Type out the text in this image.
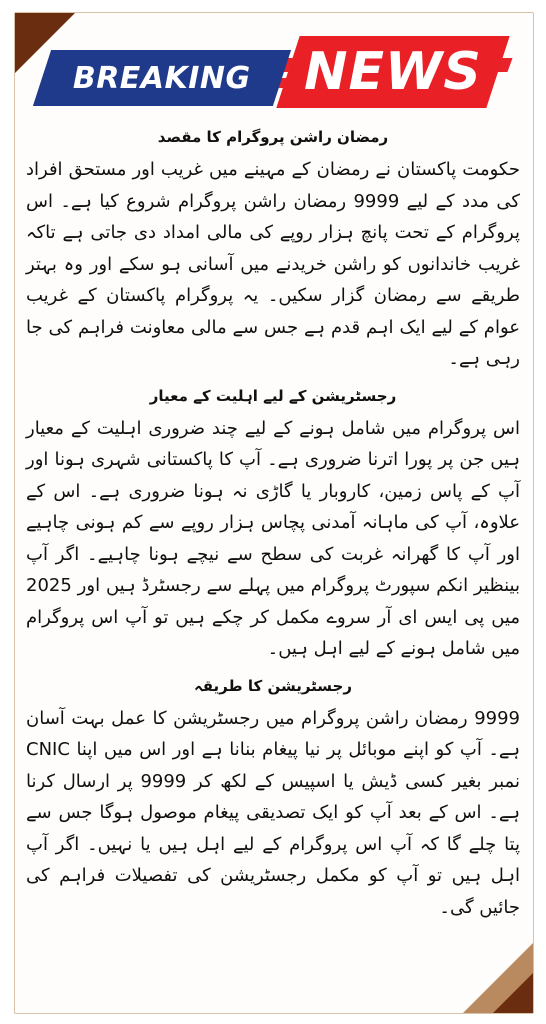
BREAKING NEWS
رمضان راشن پروگرام کا مقصد

حکومت پاکستان نے رمضان کے مہینے میں غریب اور مستحق افراد کی مدد کے لیے 9999 رمضان راشن پروگرام شروع کیا ہے۔ اس پروگرام کے تحت پانچ ہزار روپے کی مالی امداد دی جاتی ہے تاکہ غریب خاندانوں کو راشن خریدنے میں آسانی ہو سکے اور وہ بہتر طریقے سے رمضان گزار سکیں۔ یہ پروگرام پاکستان کے غریب عوام کے لیے ایک اہم قدم ہے جس سے مالی معاونت فراہم کی جا رہی ہے۔

رجسٹریشن کے لیے اہلیت کے معیار

اس پروگرام میں شامل ہونے کے لیے چند ضروری اہلیت کے معیار ہیں جن پر پورا اترنا ضروری ہے۔ آپ کا پاکستانی شہری ہونا اور آپ کے پاس زمین، کاروبار یا گاڑی نہ ہونا ضروری ہے۔ اس کے علاوہ، آپ کی ماہانہ آمدنی پچاس ہزار روپے سے کم ہونی چاہیے اور آپ کا گھرانہ غربت کی سطح سے نیچے ہونا چاہیے۔ اگر آپ بینظیر انکم سپورٹ پروگرام میں پہلے سے رجسٹرڈ ہیں اور 2025 میں پی ایس ای آر سروے مکمل کر چکے ہیں تو آپ اس پروگرام میں شامل ہونے کے لیے اہل ہیں۔

رجسٹریشن کا طریقہ

9999 رمضان راشن پروگرام میں رجسٹریشن کا عمل بہت آسان ہے۔ آپ کو اپنے موبائل پر نیا پیغام بنانا ہے اور اس میں اپنا CNIC نمبر بغیر کسی ڈیش یا اسپیس کے لکھ کر 9999 پر ارسال کرنا ہے۔ اس کے بعد آپ کو ایک تصدیقی پیغام موصول ہوگا جس سے پتا چلے گا کہ آپ اس پروگرام کے لیے اہل ہیں یا نہیں۔ اگر آپ اہل ہیں تو آپ کو مکمل رجسٹریشن کی تفصیلات فراہم کی جائیں گی۔
